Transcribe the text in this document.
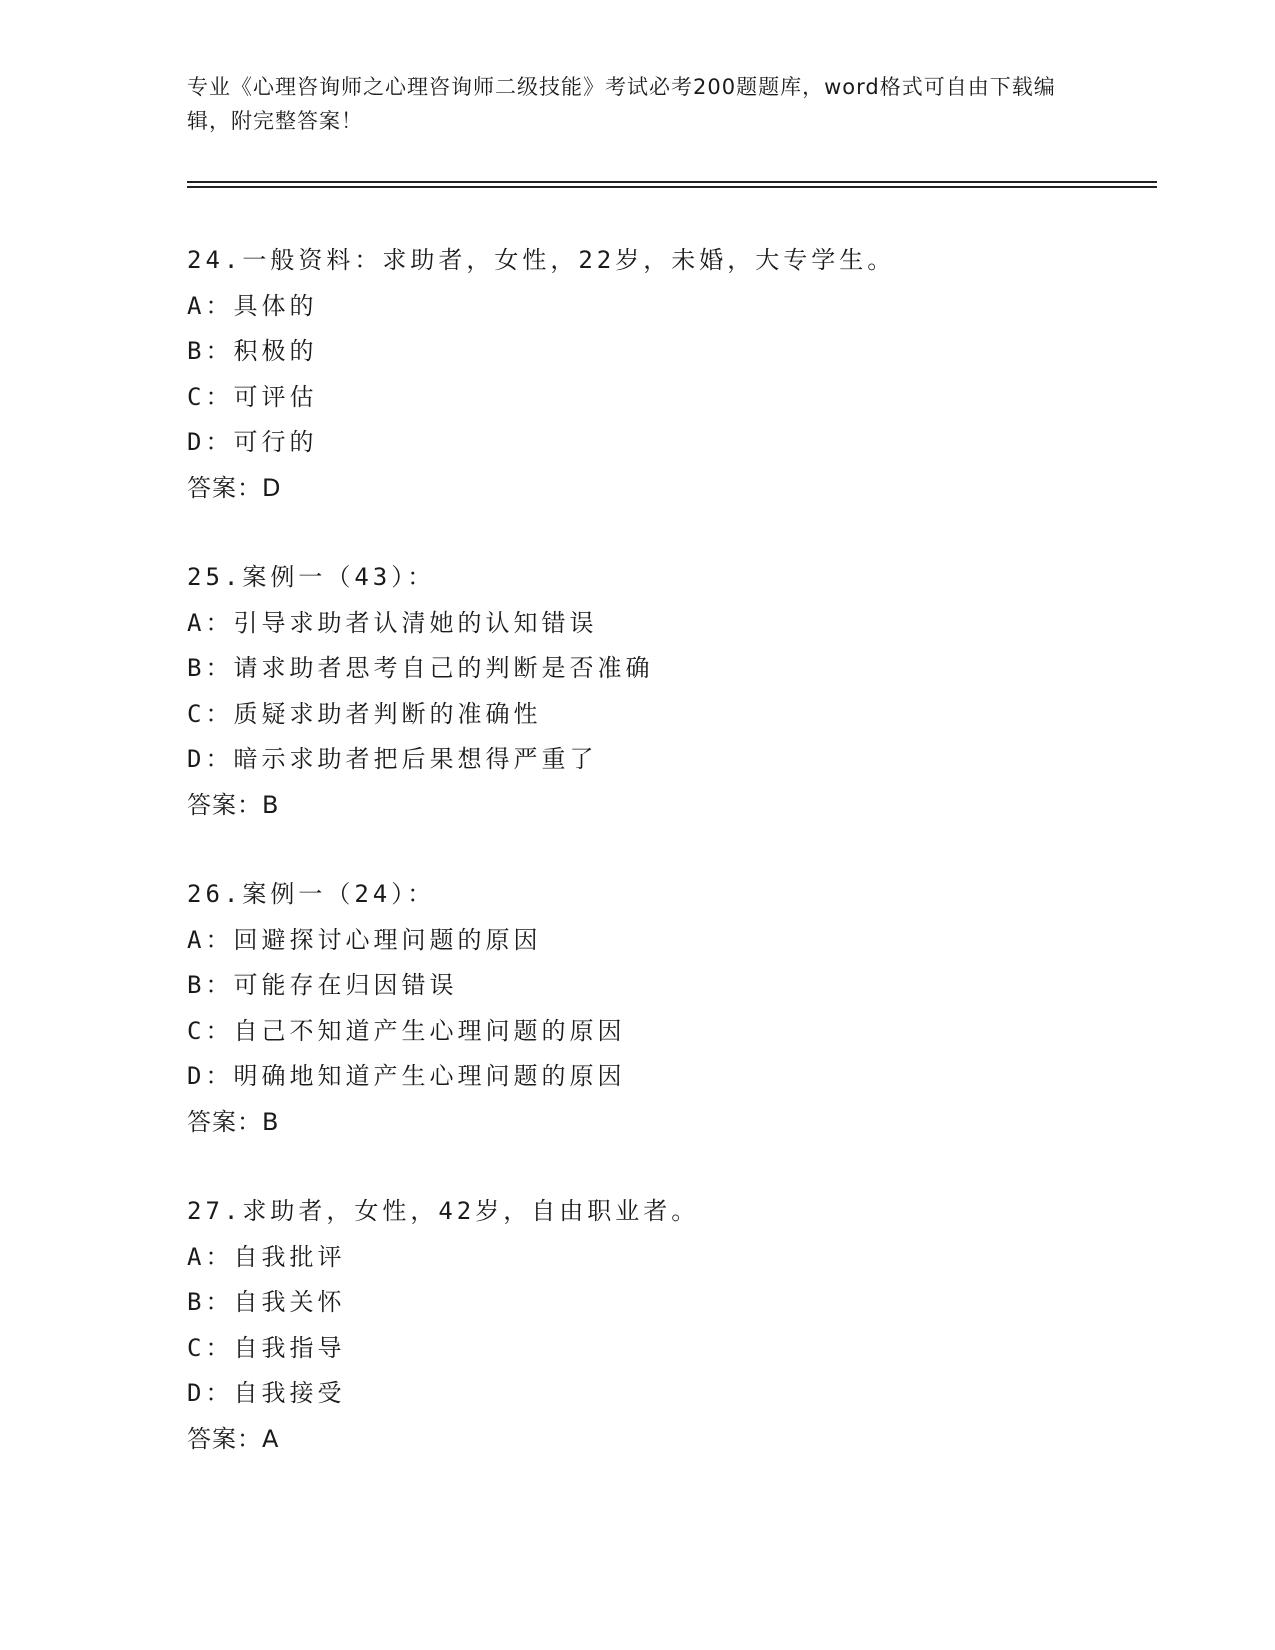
专业《心理咨询师之心理咨询师二级技能》考试必考200题题库，word格式可自由下载编辑，附完整答案！

24.一般资料：求助者，女性，22岁，未婚，大专学生。

A：具体的

B：积极的

C：可评估

D：可行的

答案：D

25.案例一（43）：

A：引导求助者认清她的认知错误

B：请求助者思考自己的判断是否准确

C：质疑求助者判断的准确性

D：暗示求助者把后果想得严重了

答案：B

26.案例一（24）：

A：回避探讨心理问题的原因

B：可能存在归因错误

C：自己不知道产生心理问题的原因

D：明确地知道产生心理问题的原因

答案：B

27.求助者，女性，42岁，自由职业者。

A：自我批评

B：自我关怀

C：自我指导

D：自我接受

答案：A
